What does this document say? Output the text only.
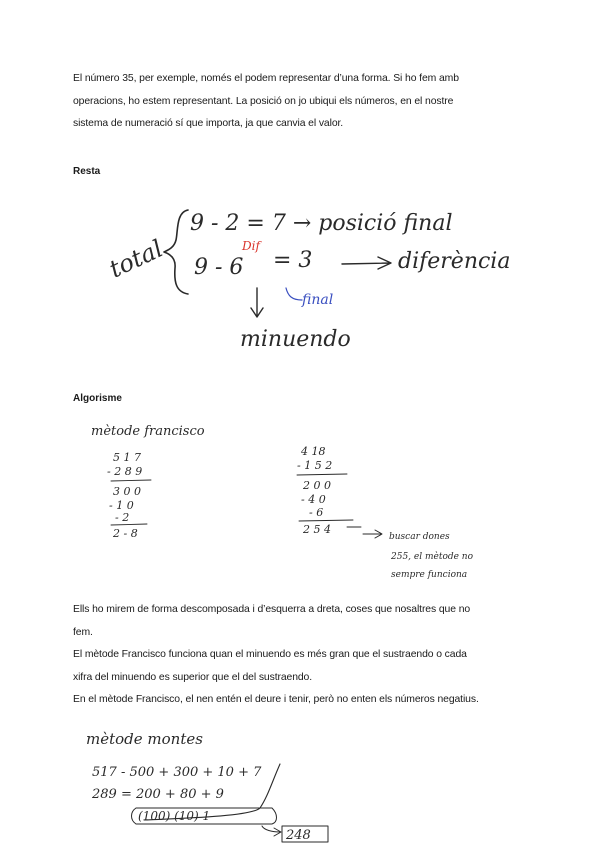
El número 35, per exemple, només el podem representar d’una forma. Si ho fem amb
operacions, ho estem representant. La posició on jo ubiqui els números, en el nostre
sistema de numeració sí que importa, ja que canvia el valor.
Resta
total
9 - 2 = 7 → posició final
Dif
9 - 6 = 3	diferència
final
minuendo
Algorisme
mètode francisco
5 1 7
- 2 8 9
3 0 0
- 1 0
- 2
2 - 8
4 18
- 1 5 2
2 0 0
- 4 0
- 6
2 5 4
buscar dones
255, el mètode no
sempre funciona
Ells ho mirem de forma descomposada i d’esquerra a dreta, coses que nosaltres que no
fem.
El mètode Francisco funciona quan el minuendo es més gran que el sustraendo o cada
xifra del minuendo es superior que el del sustraendo.
En el mètode Francisco, el nen entén el deure i tenir, però no enten els números negatius.
mètode montes
517 - 500 + 300 + 10 + 7
289 = 200 + 80 + 9
(100) (10) 1
248
